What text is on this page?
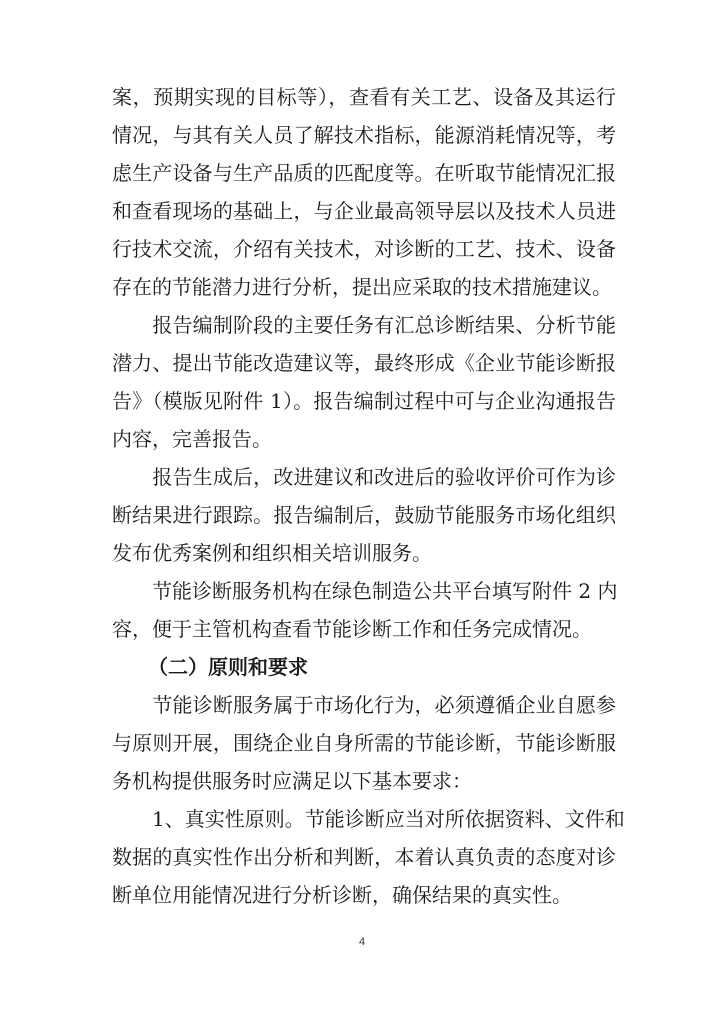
案，预期实现的目标等），查看有关工艺、设备及其运行
情况，与其有关人员了解技术指标，能源消耗情况等，考
虑生产设备与生产品质的匹配度等。在听取节能情况汇报
和查看现场的基础上，与企业最高领导层以及技术人员进
行技术交流，介绍有关技术，对诊断的工艺、技术、设备
存在的节能潜力进行分析，提出应采取的技术措施建议。
　　报告编制阶段的主要任务有汇总诊断结果、分析节能
潜力、提出节能改造建议等，最终形成《企业节能诊断报
告》（模版见附件 1）。报告编制过程中可与企业沟通报告
内容，完善报告。
　　报告生成后，改进建议和改进后的验收评价可作为诊
断结果进行跟踪。报告编制后，鼓励节能服务市场化组织
发布优秀案例和组织相关培训服务。
　　节能诊断服务机构在绿色制造公共平台填写附件 2 内
容，便于主管机构查看节能诊断工作和任务完成情况。
（二）原则和要求
　　节能诊断服务属于市场化行为，必须遵循企业自愿参
与原则开展，围绕企业自身所需的节能诊断，节能诊断服
务机构提供服务时应满足以下基本要求：
　　1、真实性原则。节能诊断应当对所依据资料、文件和
数据的真实性作出分析和判断，本着认真负责的态度对诊
断单位用能情况进行分析诊断，确保结果的真实性。
4
